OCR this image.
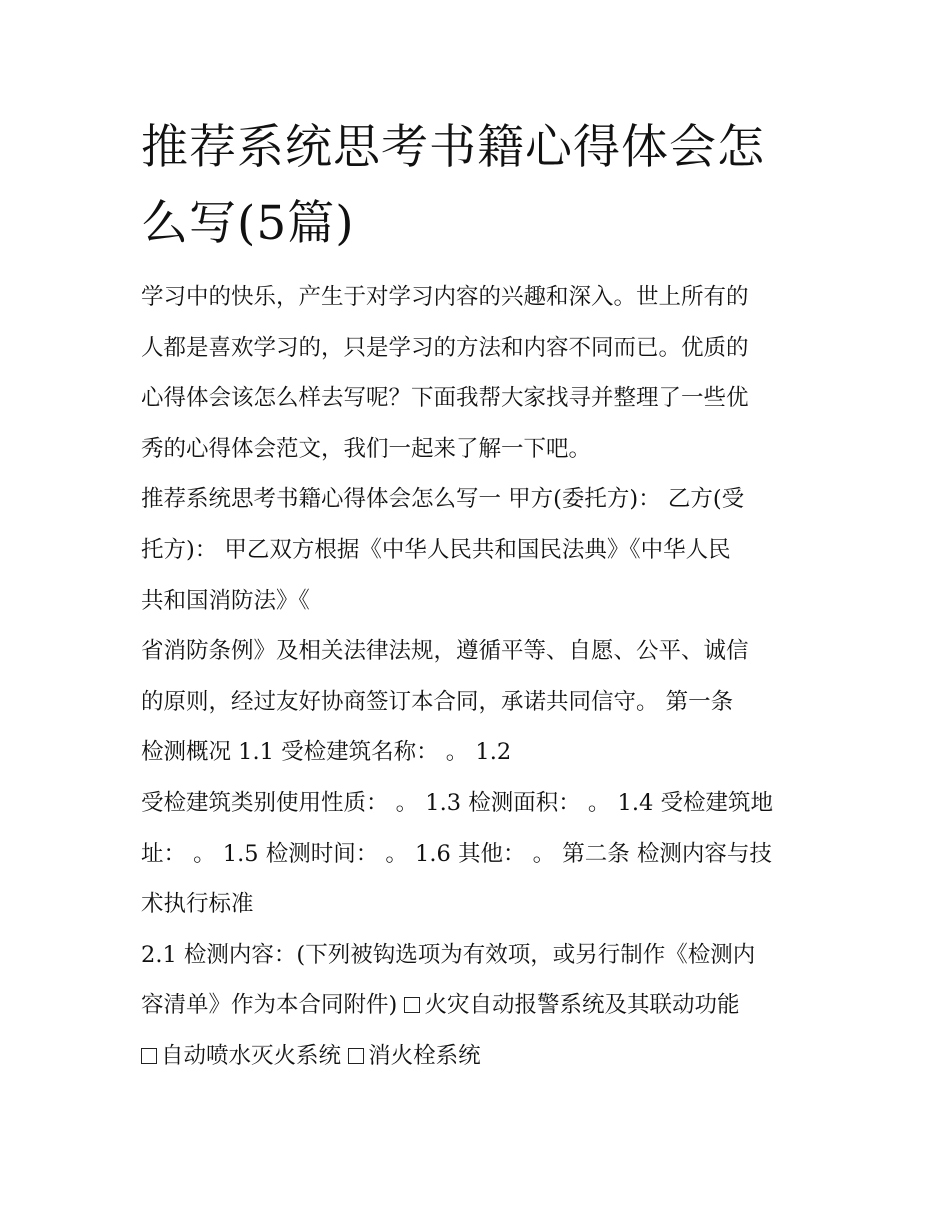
推荐系统思考书籍心得体会怎
么写(5篇)
学习中的快乐，产生于对学习内容的兴趣和深入。世上所有的
人都是喜欢学习的，只是学习的方法和内容不同而已。优质的
心得体会该怎么样去写呢？下面我帮大家找寻并整理了一些优
秀的心得体会范文，我们一起来了解一下吧。
推荐系统思考书籍心得体会怎么写一 甲方(委托方)： 乙方(受
托方)： 甲乙双方根据《中华人民共和国民法典》《中华人民
共和国消防法》《
省消防条例》及相关法律法规，遵循平等、自愿、公平、诚信
的原则，经过友好协商签订本合同，承诺共同信守。 第一条
检测概况 1.1 受检建筑名称： 。 1.2
受检建筑类别使用性质： 。 1.3 检测面积： 。 1.4 受检建筑地
址： 。 1.5 检测时间： 。 1.6 其他： 。 第二条 检测内容与技
术执行标准
2.1 检测内容：(下列被钩选项为有效项，或另行制作《检测内
容清单》作为本合同附件) 火灾自动报警系统及其联动功能
自动喷水灭火系统 消火栓系统
